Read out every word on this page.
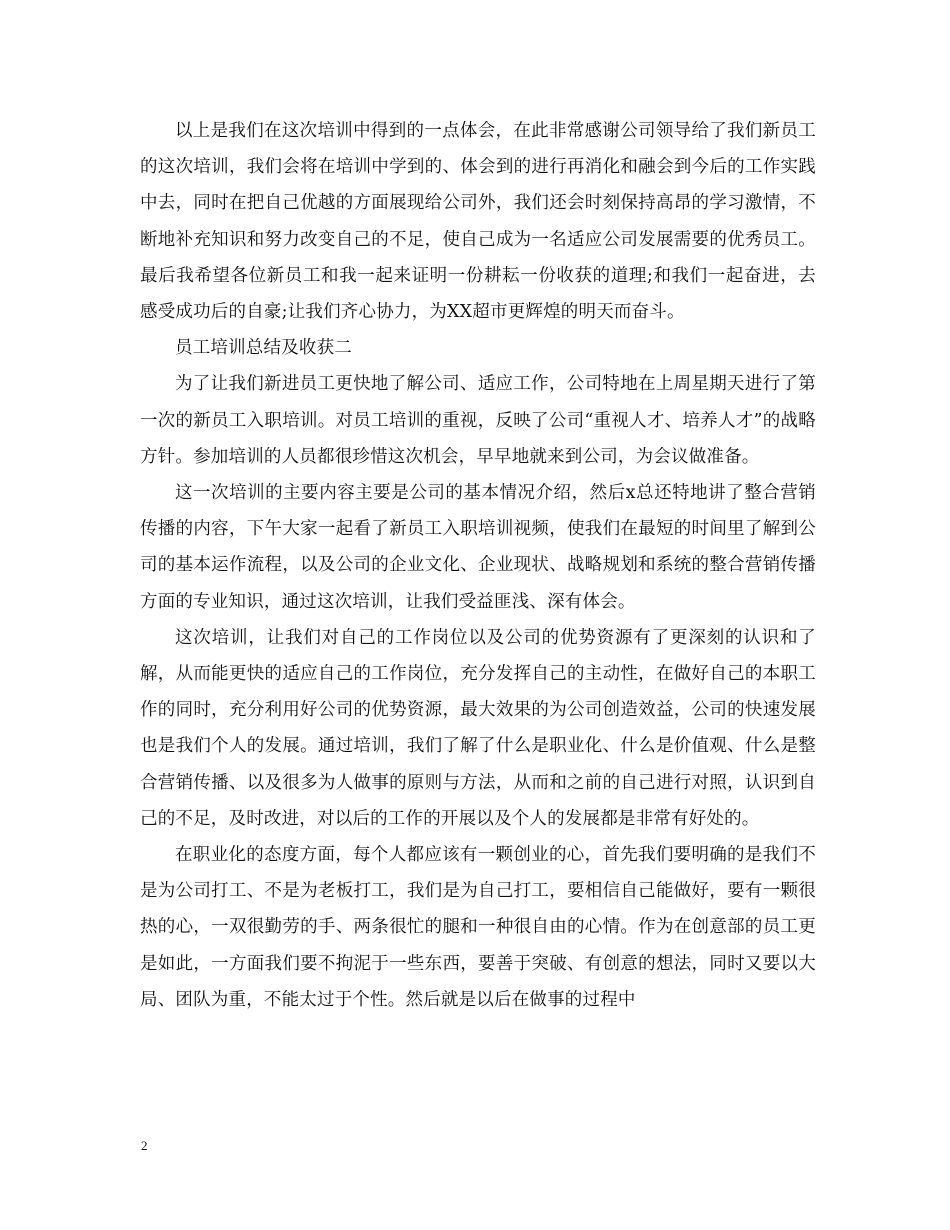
以上是我们在这次培训中得到的一点体会，在此非常感谢公司领导给了我们新员工的这次培训，我们会将在培训中学到的、体会到的进行再消化和融会到今后的工作实践中去，同时在把自己优越的方面展现给公司外，我们还会时刻保持高昂的学习激情，不断地补充知识和努力改变自己的不足，使自己成为一名适应公司发展需要的优秀员工。最后我希望各位新员工和我一起来证明一份耕耘一份收获的道理;和我们一起奋进，去感受成功后的自豪;让我们齐心协力，为XX超市更辉煌的明天而奋斗。

员工培训总结及收获二

为了让我们新进员工更快地了解公司、适应工作，公司特地在上周星期天进行了第一次的新员工入职培训。对员工培训的重视，反映了公司“重视人才、培养人才”的战略方针。参加培训的人员都很珍惜这次机会，早早地就来到公司，为会议做准备。

这一次培训的主要内容主要是公司的基本情况介绍，然后x总还特地讲了整合营销传播的内容，下午大家一起看了新员工入职培训视频，使我们在最短的时间里了解到公司的基本运作流程，以及公司的企业文化、企业现状、战略规划和系统的整合营销传播方面的专业知识，通过这次培训，让我们受益匪浅、深有体会。

这次培训，让我们对自己的工作岗位以及公司的优势资源有了更深刻的认识和了解，从而能更快的适应自己的工作岗位，充分发挥自己的主动性，在做好自己的本职工作的同时，充分利用好公司的优势资源，最大效果的为公司创造效益，公司的快速发展也是我们个人的发展。通过培训，我们了解了什么是职业化、什么是价值观、什么是整合营销传播、以及很多为人做事的原则与方法，从而和之前的自己进行对照，认识到自己的不足，及时改进，对以后的工作的开展以及个人的发展都是非常有好处的。

在职业化的态度方面，每个人都应该有一颗创业的心，首先我们要明确的是我们不是为公司打工、不是为老板打工，我们是为自己打工，要相信自己能做好，要有一颗很热的心，一双很勤劳的手、两条很忙的腿和一种很自由的心情。作为在创意部的员工更是如此，一方面我们要不拘泥于一些东西，要善于突破、有创意的想法，同时又要以大局、团队为重，不能太过于个性。然后就是以后在做事的过程中

2
